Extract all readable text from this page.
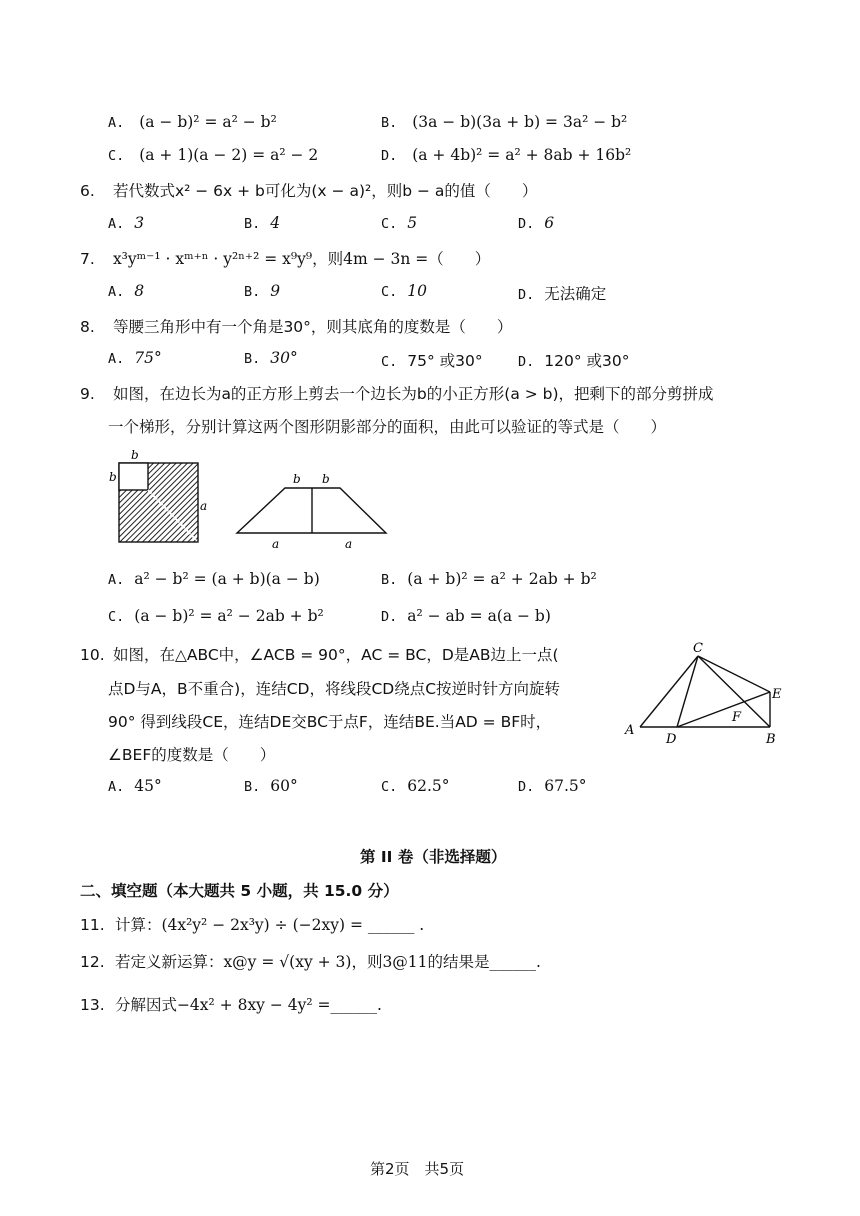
A. (a − b)² = a² − b²	B. (3a − b)(3a + b) = 3a² − b²
C. (a + 1)(a − 2) = a² − 2	D. (a + 4b)² = a² + 8ab + 16b²
6. 若代数式x² − 6x + b可化为(x − a)²，则b − a的值（　　）
A. 3	B. 4	C. 5	D. 6
7. x³yᵐ⁻¹ · xᵐ⁺ⁿ · y²ⁿ⁺² = x⁹y⁹，则4m − 3n =（　　）
A. 8	B. 9	C. 10	D. 无法确定
8. 等腰三角形中有一个角是30°，则其底角的度数是（　　）
A. 75°	B. 30°	C. 75° 或30°	D. 120° 或30°
9. 如图，在边长为a的正方形上剪去一个边长为b的小正方形(a > b)，把剩下的部分剪拼成
一个梯形，分别计算这两个图形阴影部分的面积，由此可以验证的等式是（　　）
b
b
a
b b
a	a
A. a² − b² = (a + b)(a − b)	B. (a + b)² = a² + 2ab + b²
C. (a − b)² = a² − 2ab + b²	D. a² − ab = a(a − b)
10. 如图，在△ABC中，∠ACB = 90°，AC = BC，D是AB边上一点(
点D与A，B不重合)，连结CD，将线段CD绕点C按逆时针方向旋转
90° 得到线段CE，连结DE交BC于点F，连结BE.当AD = BF时，
∠BEF的度数是（　　）
C
A
D	B
E
F
A. 45°	B. 60°	C. 62.5°	D. 67.5°
第 II 卷（非选择题）
二、填空题（本大题共 5 小题，共 15.0 分）
11. 计算：(4x²y² − 2x³y) ÷ (−2xy) = ______ .
12. 若定义新运算：x@y = √(xy + 3)，则3@11的结果是______.
13. 分解因式−4x² + 8xy − 4y² =______.
第2页　共5页
